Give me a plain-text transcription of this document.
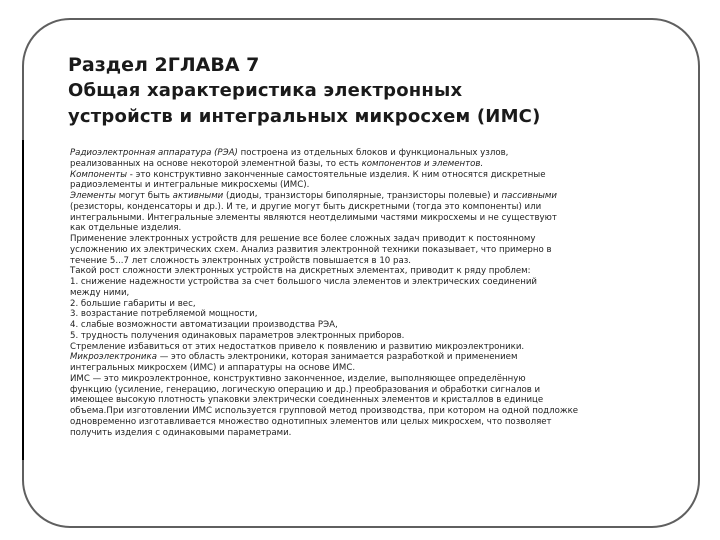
Раздел 2ГЛАВА 7
Общая характеристика электронных
устройств и интегральных микросхем (ИМС)
Радиоэлектронная аппаратура (РЭА) построена из отдельных блоков и функциональных узлов,
реализованных на основе некоторой элементной базы, то есть компонентов и элементов.
Компоненты - это конструктивно законченные самостоятельные изделия. К ним относятся дискретные
радиоэлементы и интегральные микросхемы (ИМС).
Элементы могут быть активными (диоды, транзисторы биполярные, транзисторы полевые) и пассивными
(резисторы, конденсаторы и др.). И те, и другие могут быть дискретными (тогда это компоненты) или
интегральными. Интегральные элементы являются неотделимыми частями микросхемы и не существуют
как отдельные изделия.
Применение электронных устройств для решение все более сложных задач приводит к постоянному
усложнению их электрических схем. Анализ развития электронной техники показывает, что примерно в
течение 5...7 лет сложность электронных устройств повышается в 10 раз.
Такой рост сложности электронных устройств на дискретных элементах, приводит к ряду проблем:
1. снижение надежности устройства за счет большого числа элементов и электрических соединений
между ними,
2. большие габариты и вес,
3. возрастание потребляемой мощности,
4. слабые возможности автоматизации производства РЭА,
5. трудность получения одинаковых параметров электронных приборов.
Стремление избавиться от этих недостатков привело к появлению и развитию микроэлектроники.
Микроэлектроника — это область электроники, которая занимается разработкой и применением
интегральных микросхем (ИМС) и аппаратуры на основе ИМС.
ИМС — это микроэлектронное, конструктивно законченное, изделие, выполняющее определённую
функцию (усиление, генерацию, логическую операцию и др.) преобразования и обработки сигналов и
имеющее высокую плотность упаковки электрически соединенных элементов и кристаллов в единице
объема.При изготовлении ИМС используется групповой метод производства, при котором на одной подложке
одновременно изготавливается множество однотипных элементов или целых микросхем, что позволяет
получить изделия с одинаковыми параметрами.
